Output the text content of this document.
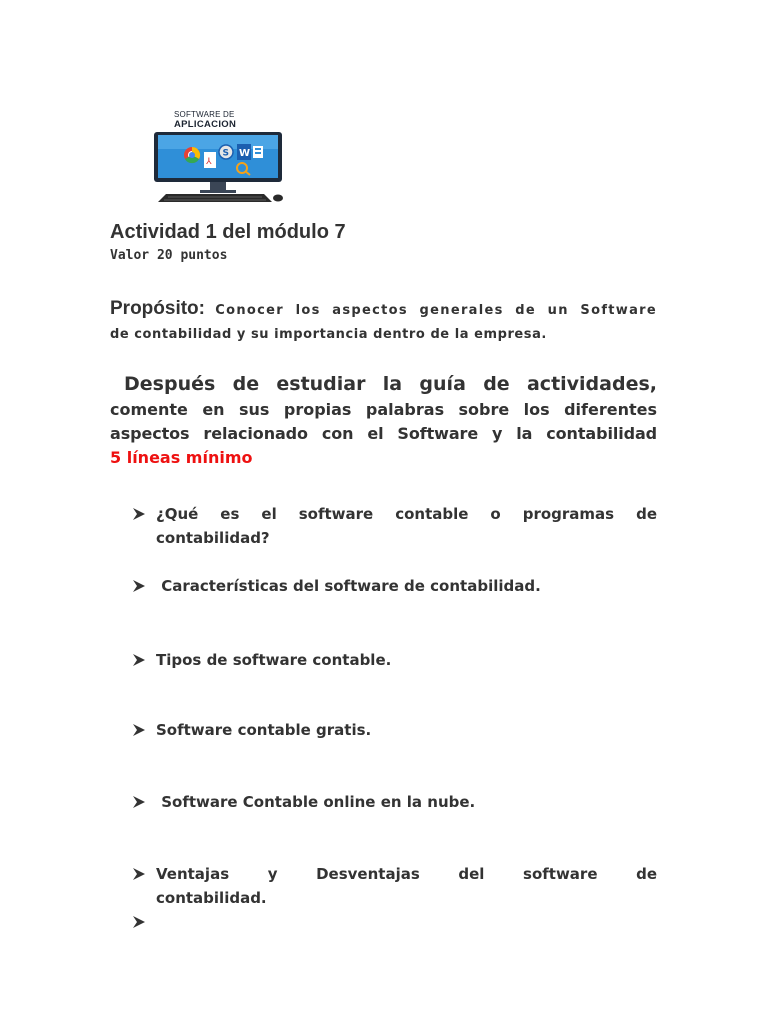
SOFTWARE DE
APLICACION
⅄
S W
Actividad 1 del módulo 7
Valor 20 puntos
Propósito: Conocer los aspectos generales de un Software
de contabilidad y su importancia dentro de la empresa.
Después de estudiar la guía de actividades,
comente en sus propias palabras sobre los diferentes
aspectos relacionado con el Software y la contabilidad
5 líneas mínimo
¿Qué es el software contable o programas de
contabilidad?
Características del software de contabilidad.
Tipos de software contable.
Software contable gratis.
Software Contable online en la nube.
Ventajas y Desventajas del software de
contabilidad.
